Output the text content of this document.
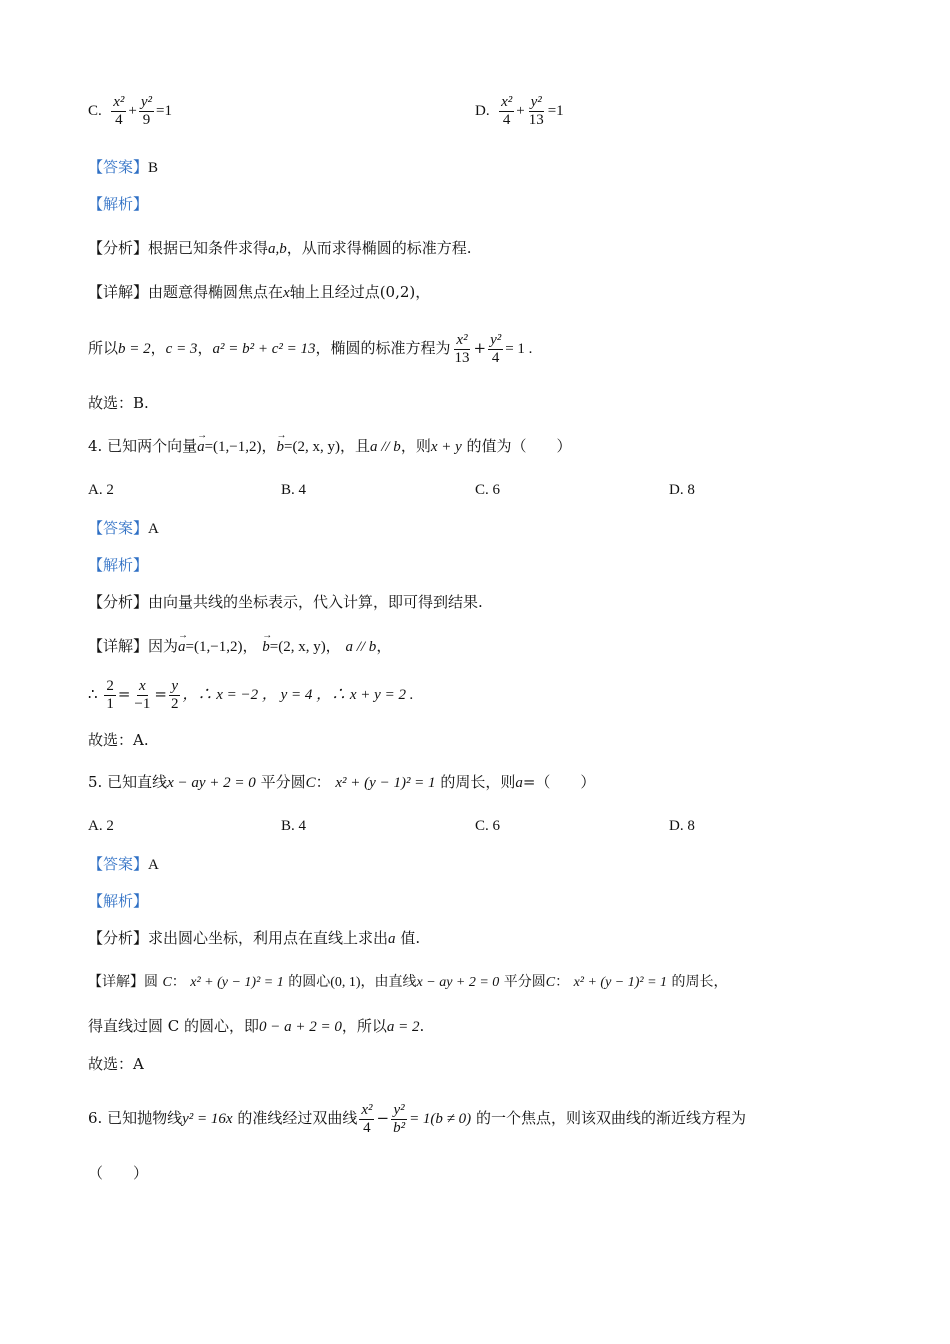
C. $\frac{\text{x²}}{4} + \frac{\text{y²}}{9} =1$	D. $\frac{\text{x²}}{4} + \frac{\text{y²}}{13} =1$
【答案】B
【解析】
【分析】根据已知条件求得a,b，从而求得椭圆的标准方程.
【详解】由题意得椭圆焦点在x轴上且经过点(0,2)，
所以b = 2，c = 3，a² = b² + c² = 13，椭圆的标准方程为 $\frac{\text{x²}}{13} + \frac{\text{y²}}{4} = 1$ .
故选：B.
4. 已知两个向量→ a=(1,−1,2)，→ b=(2, x, y)，且a // b，则x + y 的值为（　　）
A. 2	B. 4	C. 6	D. 8
【答案】A
【解析】
【分析】由向量共线的坐标表示，代入计算，即可得到结果.
【详解】因为→ a=(1,−1,2)， → b=(2, x, y)， a // b，
∴ $\frac{2}{1} = \frac{x}{-1} = \frac{y}{2}$ ，∴ x = −2 ， y = 4 ，∴ x + y = 2 .
故选：A.
5. 已知直线x − ay + 2 = 0 平分圆C： x² + (y − 1)² = 1 的周长，则a=（　　）
A. 2	B. 4	C. 6	D. 8
【答案】A
【解析】
【分析】求出圆心坐标，利用点在直线上求出a 值.
【详解】圆 C： x² + (y − 1)² = 1 的圆心(0, 1)，由直线x − ay + 2 = 0 平分圆C： x² + (y − 1)² = 1 的周长，
得直线过圆 C 的圆心，即0 − a + 2 = 0，所以a = 2.
故选：A
6. 已知抛物线y² = 16x 的准线经过双曲线 $\frac{\text{x²}}{4} - \frac{\text{y²}}{\text{b²}} = 1(b \ne 0)$ 的一个焦点，则该双曲线的渐近线方程为
（　　）
